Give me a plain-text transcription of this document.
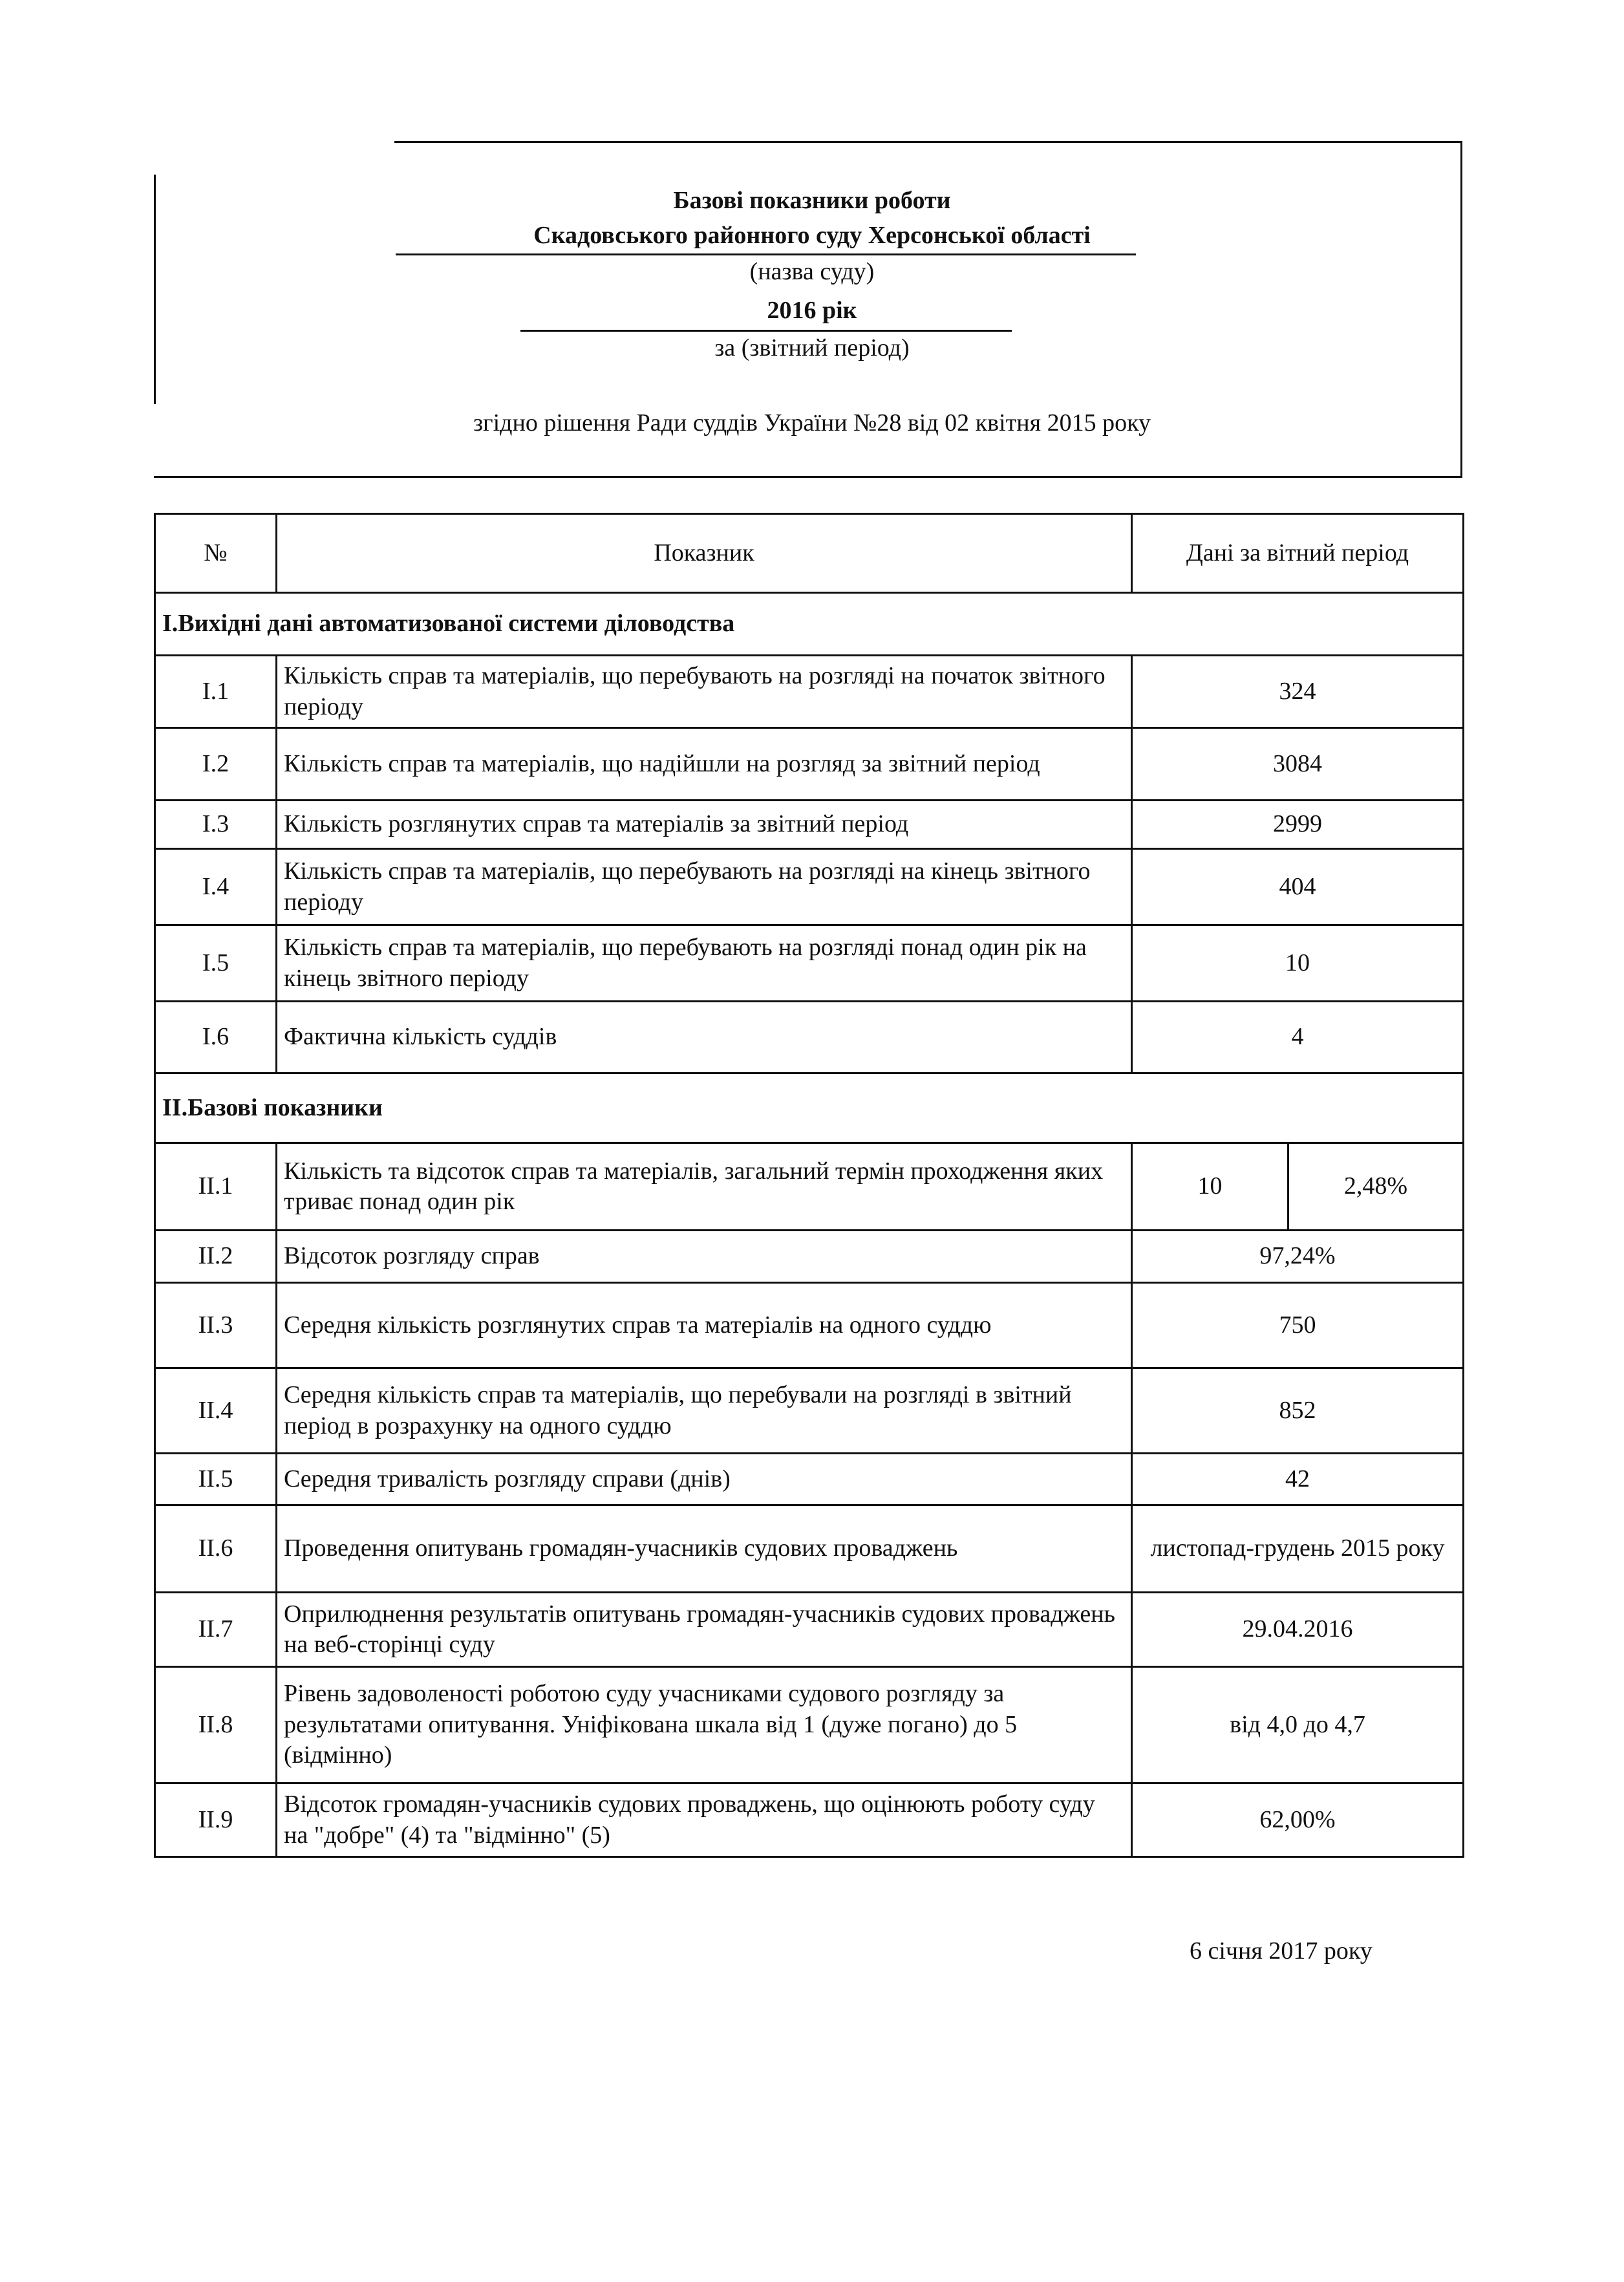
Базові показники роботи
Скадовського районного суду Херсонської області
(назва суду)
2016 рік
за (звітний період)
згідно рішення Ради суддів України №28 від 02 квітня 2015 року
№	Показник	Дані за вітний період	
I.Вихідні дані автоматизованої системи діловодства			
I.1	Кількість справ та матеріалів, що перебувають на розгляді на початок звітного періоду	324	
I.2	Кількість справ та матеріалів, що надійшли на розгляд за звітний період	3084	
I.3	Кількість розглянутих справ та матеріалів за звітний період	2999	
I.4	Кількість справ та матеріалів, що перебувають на розгляді на кінець звітного періоду	404	
I.5	Кількість справ та матеріалів, що перебувають на розгляді понад один рік на кінець звітного періоду	10	
I.6	Фактична кількість суддів	4	
II.Базові показники			
II.1	Кількість та відсоток справ та матеріалів, загальний термін проходження яких триває понад один рік	10	2,48%
II.2	Відсоток розгляду справ	97,24%	
II.3	Середня кількість розглянутих справ та матеріалів на одного суддю	750	
II.4	Середня кількість справ та матеріалів, що перебували на розгляді в звітний період в розрахунку на одного суддю	852	
II.5	Середня тривалість розгляду справи (днів)	42	
II.6	Проведення опитувань громадян-учасників судових проваджень	листопад-грудень 2015 року	
II.7	Оприлюднення результатів опитувань громадян-учасників судових проваджень на веб-сторінці суду	29.04.2016	
II.8	Рівень задоволеності роботою суду учасниками судового розгляду за результатами опитування. Уніфікована шкала від 1 (дуже погано) до 5 (відмінно)	від 4,0 до 4,7	
II.9	Відсоток громадян-учасників судових проваджень, що оцінюють роботу суду на "добре" (4) та "відмінно" (5)	62,00%	
6 січня 2017 року
